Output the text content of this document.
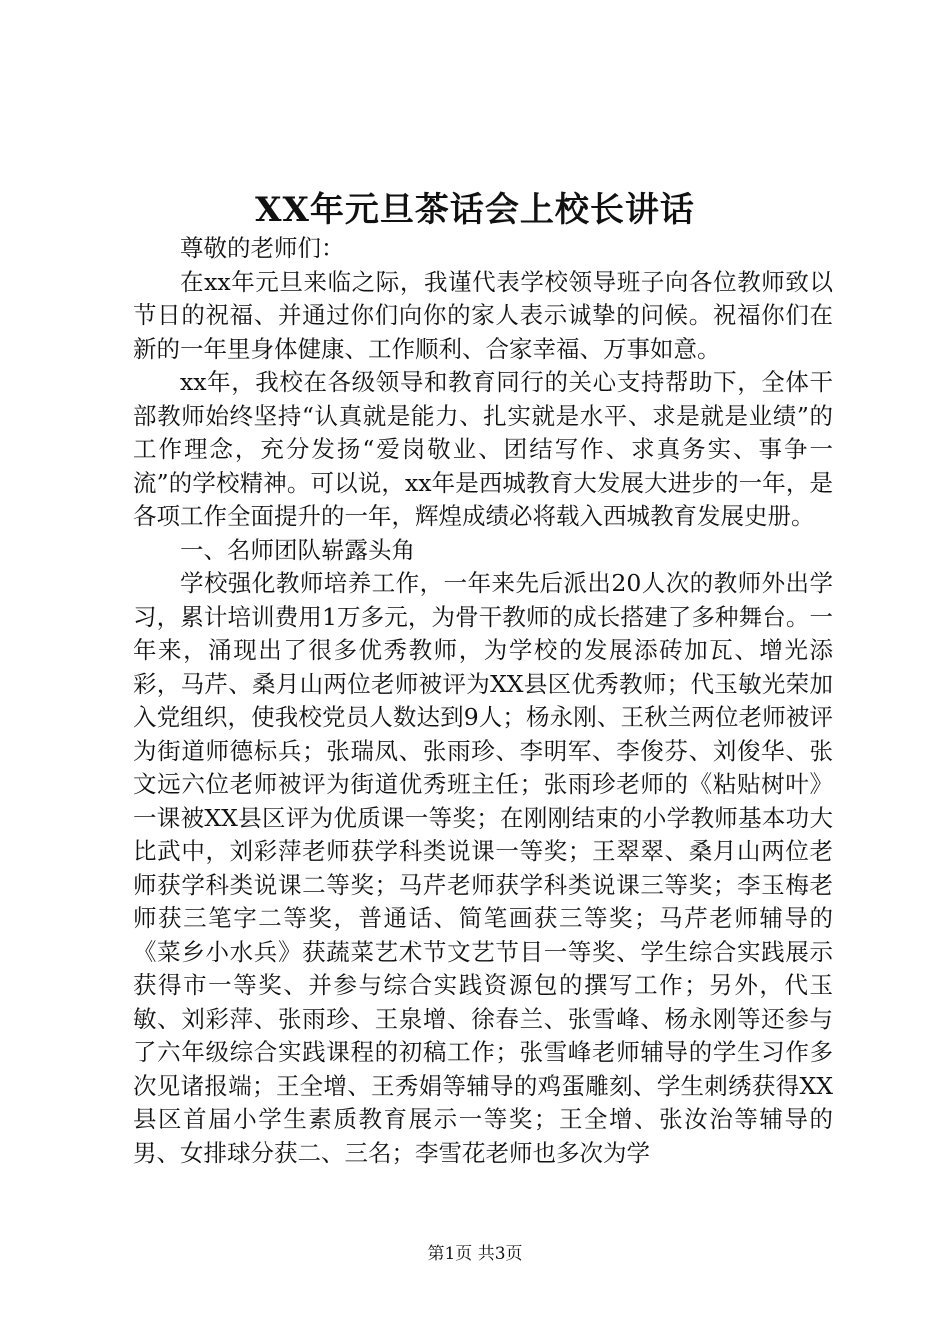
XX年元旦茶话会上校长讲话

尊敬的老师们：

在xx年元旦来临之际，我谨代表学校领导班子向各位教师致以节日的祝福、并通过你们向你的家人表示诚挚的问候。祝福你们在新的一年里身体健康、工作顺利、合家幸福、万事如意。

xx年，我校在各级领导和教育同行的关心支持帮助下，全体干部教师始终坚持“认真就是能力、扎实就是水平、求是就是业绩”的工作理念，充分发扬“爱岗敬业、团结写作、求真务实、事争一流”的学校精神。可以说，xx年是西城教育大发展大进步的一年，是各项工作全面提升的一年，辉煌成绩必将载入西城教育发展史册。

一、名师团队崭露头角

学校强化教师培养工作，一年来先后派出20人次的教师外出学习，累计培训费用1万多元，为骨干教师的成长搭建了多种舞台。一年来，涌现出了很多优秀教师，为学校的发展添砖加瓦、增光添彩，马芹、桑月山两位老师被评为XX县区优秀教师；代玉敏光荣加入党组织，使我校党员人数达到9人；杨永刚、王秋兰两位老师被评为街道师德标兵；张瑞凤、张雨珍、李明军、李俊芬、刘俊华、张文远六位老师被评为街道优秀班主任；张雨珍老师的《粘贴树叶》一课被XX县区评为优质课一等奖；在刚刚结束的小学教师基本功大比武中，刘彩萍老师获学科类说课一等奖；王翠翠、桑月山两位老师获学科类说课二等奖；马芹老师获学科类说课三等奖；李玉梅老师获三笔字二等奖，普通话、简笔画获三等奖；马芹老师辅导的《菜乡小水兵》获蔬菜艺术节文艺节目一等奖、学生综合实践展示获得市一等奖、并参与综合实践资源包的撰写工作；另外，代玉敏、刘彩萍、张雨珍、王泉增、徐春兰、张雪峰、杨永刚等还参与了六年级综合实践课程的初稿工作；张雪峰老师辅导的学生习作多次见诸报端；王全增、王秀娟等辅导的鸡蛋雕刻、学生刺绣获得XX县区首届小学生素质教育展示一等奖；王全增、张汝治等辅导的男、女排球分获二、三名；李雪花老师也多次为学

第1页 共3页
